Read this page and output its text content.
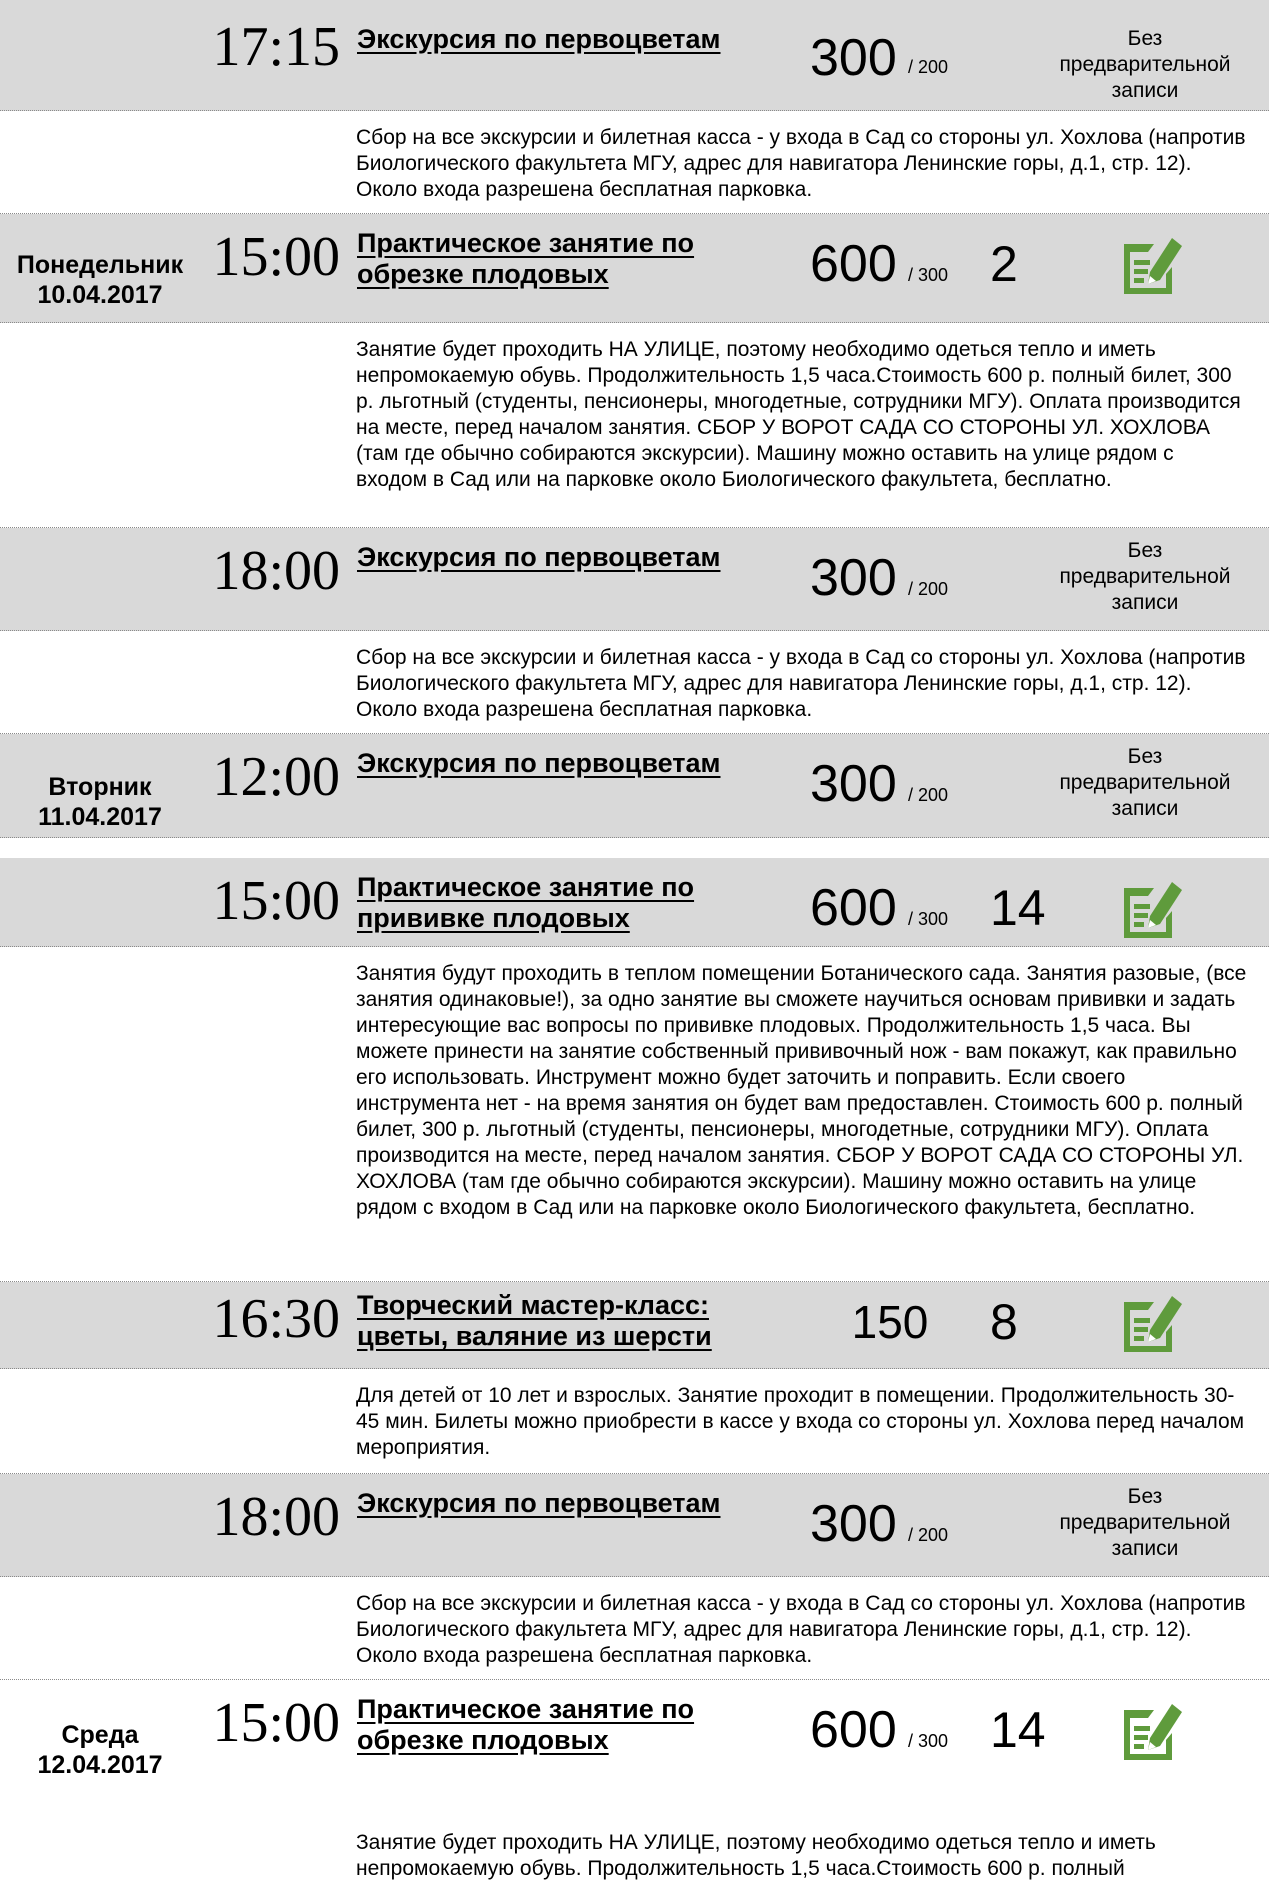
17:15 Экскурсия по первоцветам	300 / 200
Без предварительной записи

Сбор на все экскурсии и билетная касса - у входа в Сад со стороны ул. Хохлова (напротив Биологического факультета МГУ, адрес для навигатора Ленинские горы, д.1, стр. 12). Около входа разрешена бесплатная парковка.

Понедельник
10.04.2017
15:00 Практическое занятие по обрезке плодовых	600 / 300 2

Занятие будет проходить НА УЛИЦЕ, поэтому необходимо одеться тепло и иметь непромокаемую обувь. Продолжительность 1,5 часа.Стоимость 600 р. полный билет, 300 р. льготный (студенты, пенсионеры, многодетные, сотрудники МГУ). Оплата производится на месте, перед началом занятия. СБОР У ВОРОТ САДА СО СТОРОНЫ УЛ. ХОХЛОВА (там где обычно собираются экскурсии). Машину можно оставить на улице рядом с входом в Сад или на парковке около Биологического факультета, бесплатно.

18:00 Экскурсия по первоцветам	300 / 200
Без предварительной записи

Сбор на все экскурсии и билетная касса - у входа в Сад со стороны ул. Хохлова (напротив Биологического факультета МГУ, адрес для навигатора Ленинские горы, д.1, стр. 12). Около входа разрешена бесплатная парковка.

Вторник
11.04.2017
12:00 Экскурсия по первоцветам	300 / 200
Без предварительной записи

15:00 Практическое занятие по прививке плодовых	600 / 300 14

Занятия будут проходить в теплом помещении Ботанического сада. Занятия разовые, (все занятия одинаковые!), за одно занятие вы сможете научиться основам прививки и задать интересующие вас вопросы по прививке плодовых. Продолжительность 1,5 часа. Вы можете принести на занятие собственный прививочный нож - вам покажут, как правильно его использовать. Инструмент можно будет заточить и поправить. Если своего инструмента нет - на время занятия он будет вам предоставлен. Стоимость 600 р. полный билет, 300 р. льготный (студенты, пенсионеры, многодетные, сотрудники МГУ). Оплата производится на месте, перед началом занятия. СБОР У ВОРОТ САДА СО СТОРОНЫ УЛ. ХОХЛОВА (там где обычно собираются экскурсии). Машину можно оставить на улице рядом с входом в Сад или на парковке около Биологического факультета, бесплатно.

16:30 Творческий мастер-класс: цветы, валяние из шерсти	150	8

Для детей от 10 лет и взрослых. Занятие проходит в помещении. Продолжительность 30-45 мин. Билеты можно приобрести в кассе у входа со стороны ул. Хохлова перед началом мероприятия.

18:00 Экскурсия по первоцветам	300 / 200
Без предварительной записи

Сбор на все экскурсии и билетная касса - у входа в Сад со стороны ул. Хохлова (напротив Биологического факультета МГУ, адрес для навигатора Ленинские горы, д.1, стр. 12). Около входа разрешена бесплатная парковка.

Среда
12.04.2017
15:00 Практическое занятие по обрезке плодовых	600 / 300 14

Занятие будет проходить НА УЛИЦЕ, поэтому необходимо одеться тепло и иметь непромокаемую обувь. Продолжительность 1,5 часа.Стоимость 600 р. полный
